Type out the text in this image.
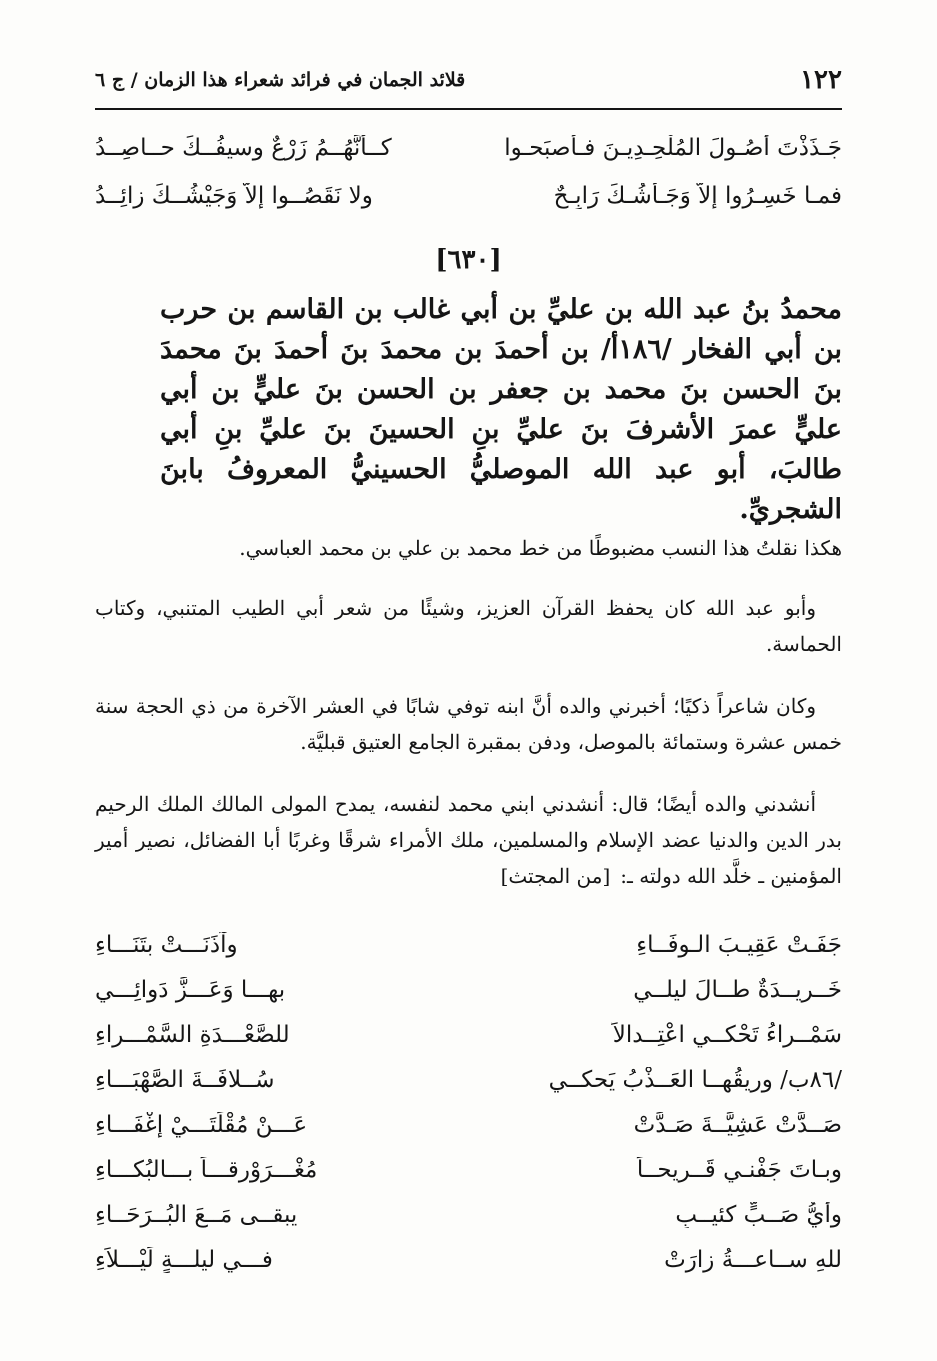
١٢٢
قلائد الجمان في فرائد شعراء هذا الزمان / ج ٦
جَـذَذْتَ أُصُـولَ المُلْحِـدِيـنَ فـأصبَحـوا
كــأنَّهُــمُ زَرْعٌ وسيفُــكَ حــاصِــدُ
فمـا خَسِـرُوا إلاَّ وَجَـأْشُـكَ رَابِـحٌ
ولا نَقَصُــوا إلاَّ وَجَيْشُــكَ زائِــدُ
[٦٣٠]
محمدُ بنُ عبد الله بن عليِّ بن أبي غالب بن القاسم بن حرب بن أبي الفخار /١٨٦أ/ بن أحمدَ بن محمدَ بنَ أحمدَ بنَ محمدَ بنَ الحسن بنَ محمد بن جعفر بن الحسن بنَ عليٍّ بن أبي عليٍّ عمرَ الأشرفَ بنَ عليِّ بنِ الحسينَ بنَ عليِّ بنِ أبي طالبَ، أبو عبد الله الموصليُّ الحسينيُّ المعروفُ بابنَ الشجريِّ.
هكذا نقلتُ هذا النسب مضبوطًا من خط محمد بن علي بن محمد العباسي.
وأبو عبد الله كان يحفظ القرآن العزيز، وشيئًا من شعر أبي الطيب المتنبي، وكتاب الحماسة.
وكان شاعراً ذكيًا؛ أخبرني والده أنَّ ابنه توفي شابًا في العشر الآخرة من ذي الحجة سنة خمس عشرة وستمائة بالموصل، ودفن بمقبرة الجامع العتيق قبليَّة.
أنشدني والده أيضًا؛ قال: أنشدني ابني محمد لنفسه، يمدح المولى المالك الملك الرحيم بدر الدين والدنيا عضد الإسلام والمسلمين، ملك الأمراء شرقًا وغربًا أبا الفضائل، نصير أمير المؤمنين ـ خلَّد الله دولته ـ:[من المجتث]
جَفَـتْ عَقِيـبَ الـوفَــاءِ
وآذَنَـــتْ بتَنَـــاءِ
خَــرِيــدَةٌ طــالَ ليلــي
بهـــا وَعَـــزَّ دَوائِـــي
سَمْــراءُ تَحْكــي اعْتِــدالاً
للصَّعْـــدَةِ السَّمْـــراءِ
/٨٦ب/ وريقُهــا العَــذْبُ يَحكــي
سُــلافَــةَ الصَّهْبَـــاءِ
صَــدَّتْ عَشِيَّــةَ صَـدَّتْ
عَـــنْ مُقْلَتَـــيْ إغْفَـــاءِ
وبـاتَ جَفْنـي قَــريحــاً
مُغْـــرَوْرِقـــاً بـــالبُكـــاءِ
وأيُّ صَــبٍّ كئيــبِ
يبقــى مَــعَ البُــرَحَــاءِ
للهِ ســاعـــةُ زارَتْ
فـــي ليلـــةٍ لَيْـــلاَءِ
